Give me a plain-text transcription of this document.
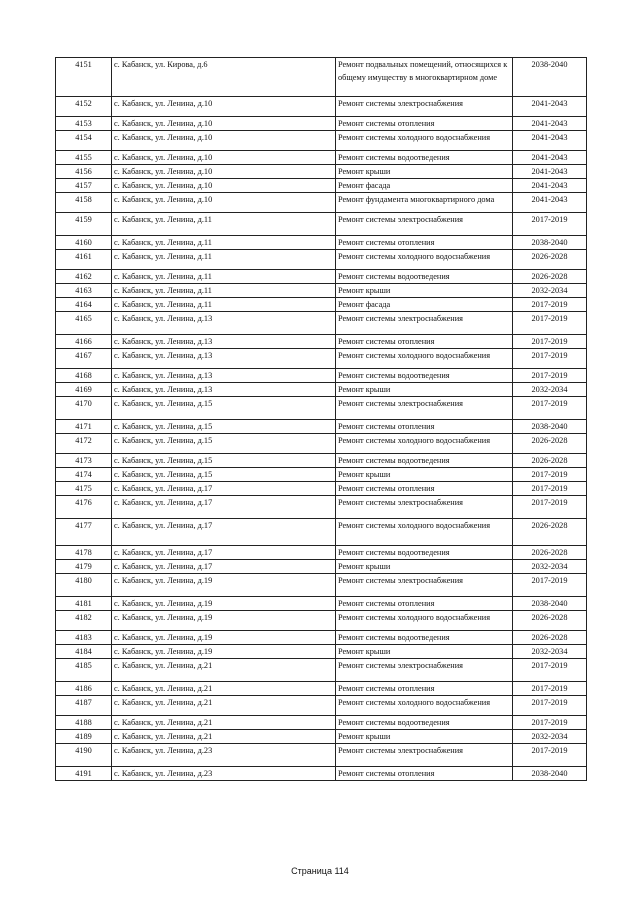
4151	с. Кабанск, ул. Кирова, д.6	Ремонт подвальных помещений, относящихся к общему имуществу в многоквартирном доме	2038-2040
4152	с. Кабанск, ул. Ленина, д.10	Ремонт системы электроснабжения	2041-2043
4153	с. Кабанск, ул. Ленина, д.10	Ремонт системы отопления	2041-2043
4154	с. Кабанск, ул. Ленина, д.10	Ремонт системы холодного водоснабжения	2041-2043
4155	с. Кабанск, ул. Ленина, д.10	Ремонт системы водоотведения	2041-2043
4156	с. Кабанск, ул. Ленина, д.10	Ремонт крыши	2041-2043
4157	с. Кабанск, ул. Ленина, д.10	Ремонт фасада	2041-2043
4158	с. Кабанск, ул. Ленина, д.10	Ремонт фундамента многоквартирного дома	2041-2043
4159	с. Кабанск, ул. Ленина, д.11	Ремонт системы электроснабжения	2017-2019
4160	с. Кабанск, ул. Ленина, д.11	Ремонт системы отопления	2038-2040
4161	с. Кабанск, ул. Ленина, д.11	Ремонт системы холодного водоснабжения	2026-2028
4162	с. Кабанск, ул. Ленина, д.11	Ремонт системы водоотведения	2026-2028
4163	с. Кабанск, ул. Ленина, д.11	Ремонт крыши	2032-2034
4164	с. Кабанск, ул. Ленина, д.11	Ремонт фасада	2017-2019
4165	с. Кабанск, ул. Ленина, д.13	Ремонт системы электроснабжения	2017-2019
4166	с. Кабанск, ул. Ленина, д.13	Ремонт системы отопления	2017-2019
4167	с. Кабанск, ул. Ленина, д.13	Ремонт системы холодного водоснабжения	2017-2019
4168	с. Кабанск, ул. Ленина, д.13	Ремонт системы водоотведения	2017-2019
4169	с. Кабанск, ул. Ленина, д.13	Ремонт крыши	2032-2034
4170	с. Кабанск, ул. Ленина, д.15	Ремонт системы электроснабжения	2017-2019
4171	с. Кабанск, ул. Ленина, д.15	Ремонт системы отопления	2038-2040
4172	с. Кабанск, ул. Ленина, д.15	Ремонт системы холодного водоснабжения	2026-2028
4173	с. Кабанск, ул. Ленина, д.15	Ремонт системы водоотведения	2026-2028
4174	с. Кабанск, ул. Ленина, д.15	Ремонт крыши	2017-2019
4175	с. Кабанск, ул. Ленина, д.17	Ремонт системы отопления	2017-2019
4176	с. Кабанск, ул. Ленина, д.17	Ремонт системы электроснабжения	2017-2019
4177	с. Кабанск, ул. Ленина, д.17	Ремонт системы холодного водоснабжения	2026-2028
4178	с. Кабанск, ул. Ленина, д.17	Ремонт системы водоотведения	2026-2028
4179	с. Кабанск, ул. Ленина, д.17	Ремонт крыши	2032-2034
4180	с. Кабанск, ул. Ленина, д.19	Ремонт системы электроснабжения	2017-2019
4181	с. Кабанск, ул. Ленина, д.19	Ремонт системы отопления	2038-2040
4182	с. Кабанск, ул. Ленина, д.19	Ремонт системы холодного водоснабжения	2026-2028
4183	с. Кабанск, ул. Ленина, д.19	Ремонт системы водоотведения	2026-2028
4184	с. Кабанск, ул. Ленина, д.19	Ремонт крыши	2032-2034
4185	с. Кабанск, ул. Ленина, д.21	Ремонт системы электроснабжения	2017-2019
4186	с. Кабанск, ул. Ленина, д.21	Ремонт системы отопления	2017-2019
4187	с. Кабанск, ул. Ленина, д.21	Ремонт системы холодного водоснабжения	2017-2019
4188	с. Кабанск, ул. Ленина, д.21	Ремонт системы водоотведения	2017-2019
4189	с. Кабанск, ул. Ленина, д.21	Ремонт крыши	2032-2034
4190	с. Кабанск, ул. Ленина, д.23	Ремонт системы электроснабжения	2017-2019
4191	с. Кабанск, ул. Ленина, д.23	Ремонт системы отопления	2038-2040
Страница 114
